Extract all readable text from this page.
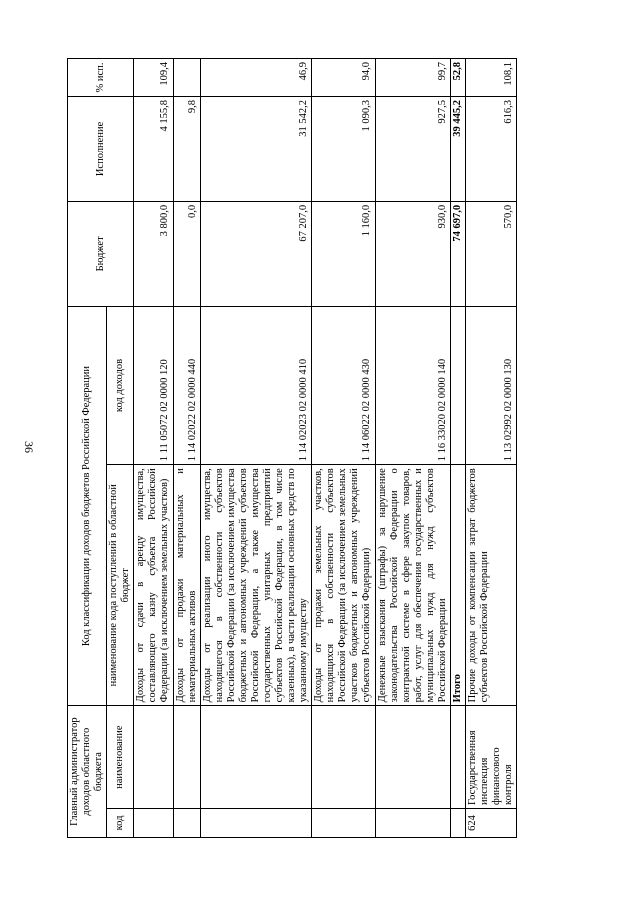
36
Главный администратор доходов областного бюджета		Код классификации доходов бюджетов Российской Федерации		Бюджет	Исполнение	% исп.
код	наименование	наименование кода поступлений в областной бюджет	код доходов			
		Доходы от сдачи в аренду имущества, составляющего казну субъекта Российской Федерации (за исключением земельных участков)	1 11 05072 02 0000 120	3 800,0	4 155,8	109,4
		Доходы от продажи материальных и нематериальных активов	1 14 02022 02 0000 440	0,0	9,8	
		Доходы от реализации иного имущества, находящегося в собственности субъектов Российской Федерации (за исключением имущества бюджетных и автономных учреждений субъектов Российской Федерации, а также имущества государственных унитарных предприятий субъектов Российской Федерации, в том числе казенных), в части реализации основных средств по указанному имуществу	1 14 02023 02 0000 410	67 207,0	31 542,2	46,9
		Доходы от продажи земельных участков, находящихся в собственности субъектов Российской Федерации (за исключением земельных участков бюджетных и автономных учреждений субъектов Российской Федерации)	1 14 06022 02 0000 430	1 160,0	1 090,3	94,0
		Денежные взыскания (штрафы) за нарушение законодательства Российской Федерации о контрактной системе в сфере закупок товаров, работ, услуг для обеспечения государственных и муниципальных нужд для нужд субъектов Российской Федерации	1 16 33020 02 0000 140	930,0	927,5	99,7
		Итого		74 697,0	39 445,2	52,8
624	Государственная инспекция финансового контроля	Прочие доходы от компенсации затрат бюджетов субъектов Российской Федерации	1 13 02992 02 0000 130	570,0	616,3	108,1
